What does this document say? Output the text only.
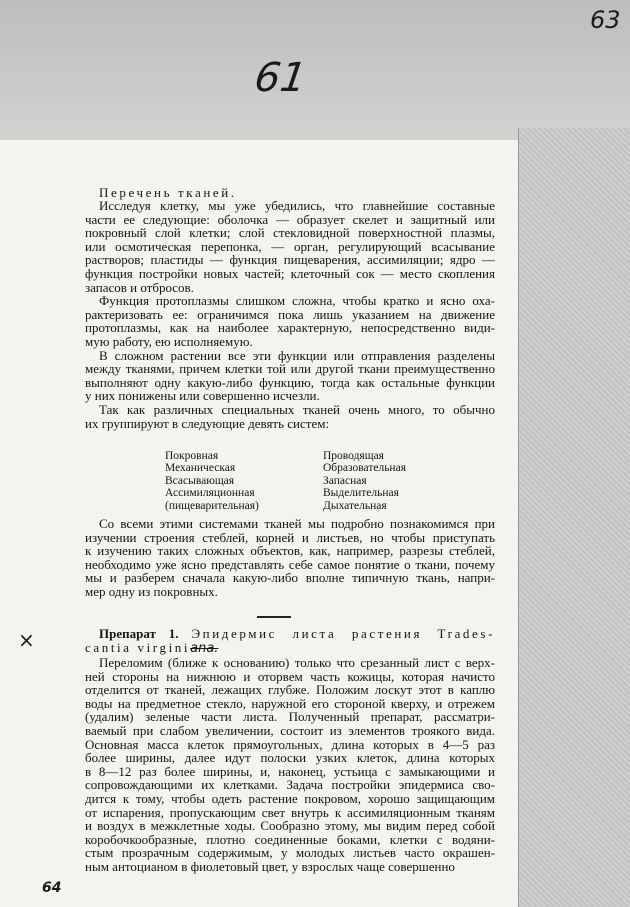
61
63
64
×
Перечень тканей.
Исследуя клетку, мы уже убедились, что главнейшие составные
части ее следующие: оболочка — образует скелет и защитный или
покровный слой клетки; слой стекловидной поверхностной плазмы,
или осмотическая перепонка, — орган, регулирующий всасывание
растворов; пластиды — функция пищеварения, ассимиляции; ядро —
функция постройки новых частей; клеточный сок — место скопления
запасов и отбросов.
Функция протоплазмы слишком сложна, чтобы кратко и ясно оха-
рактеризовать ее: ограничимся пока лишь указанием на движение
протоплазмы, как на наиболее характерную, непосредственно види-
мую работу, ею исполняемую.
В сложном растении все эти функции или отправления разделены
между тканями, причем клетки той или другой ткани преимущественно
выполняют одну какую-либо функцию, тогда как остальные функции
у них понижены или совершенно исчезли.
Так как различных специальных тканей очень много, то обычно
их группируют в следующие девять систем:
Покровная
Механическая
Всасывающая
Ассимиляционная
(пищеварительная)
Проводящая
Образовательная
Запасная
Выделительная
Дыхательная
Со всеми этими системами тканей мы подробно познакомимся при
изучении строения стеблей, корней и листьев, но чтобы приступать
к изучению таких сложных объектов, как, например, разрезы стеблей,
необходимо уже ясно представлять себе самое понятие о ткани, почему
мы и разберем сначала какую-либо вполне типичную ткань, напри-
мер одну из покровных.
Препарат 1. Эпидермис листа растения Trades-
cantia virginiana.
Переломим (ближе к основанию) только что срезанный лист с верх-
ней стороны на нижнюю и оторвем часть кожицы, которая начисто
отделится от тканей, лежащих глубже. Положим лоскут этот в каплю
воды на предметное стекло, наружной его стороной кверху, и отрежем
(удалим) зеленые части листа. Полученный препарат, рассматри-
ваемый при слабом увеличении, состоит из элементов троякого вида.
Основная масса клеток прямоугольных, длина которых в 4—5 раз
более ширины, далее идут полоски узких клеток, длина которых
в 8—12 раз более ширины, и, наконец, устьица с замыкающими и
сопровождающими их клетками. Задача постройки эпидермиса сво-
дится к тому, чтобы одеть растение покровом, хорошо защищающим
от испарения, пропускающим свет внутрь к ассимиляционным тканям
и воздух в межклетные ходы. Сообразно этому, мы видим перед собой
коробочкообразные, плотно соединенные боками, клетки с водяни-
стым прозрачным содержимым, у молодых листьев часто окрашен-
ным антоцианом в фиолетовый цвет, у взрослых чаще совершенно
